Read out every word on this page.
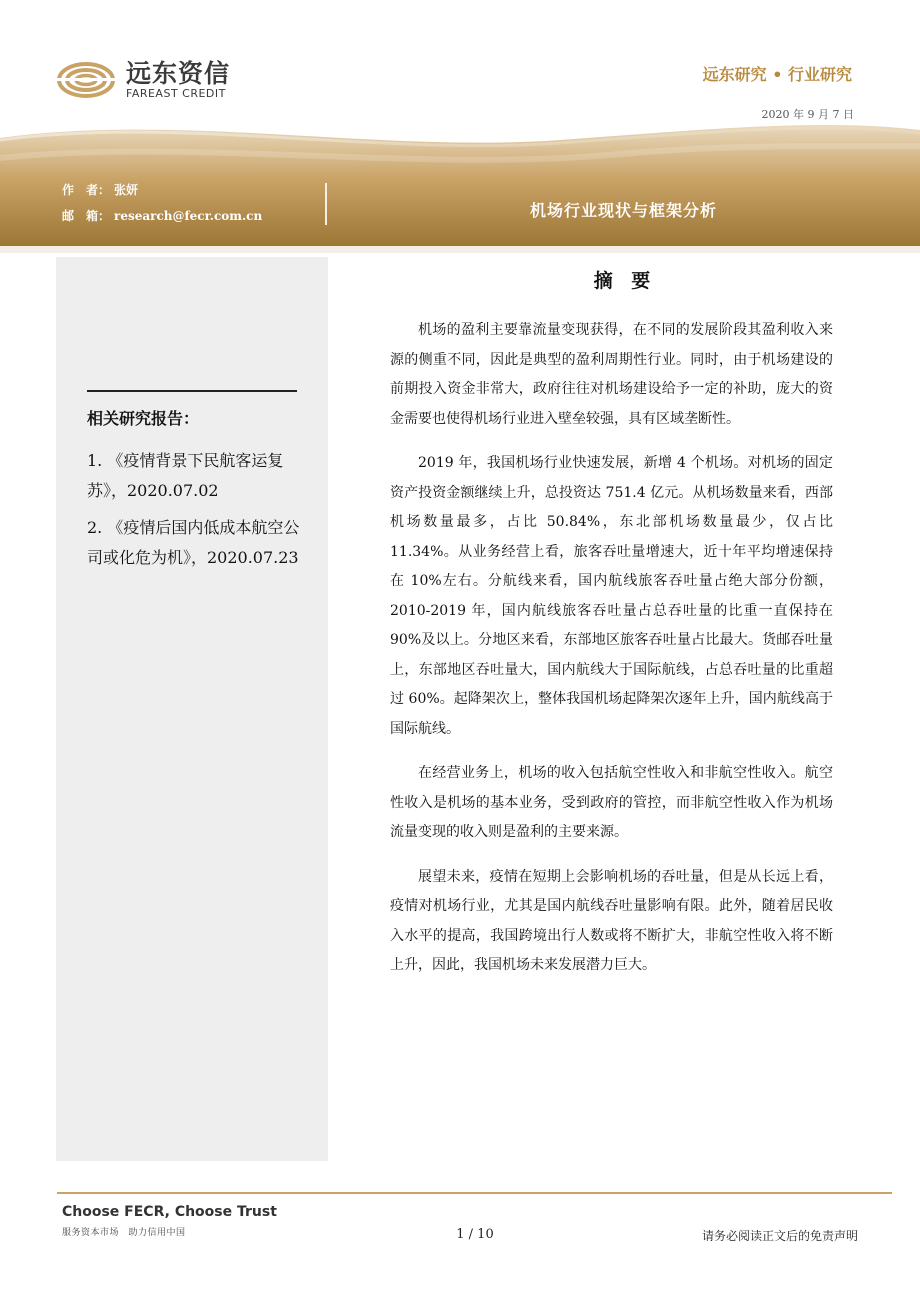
远东资信
FAREAST CREDIT
远东研究 • 行业研究
2020 年 9 月 7 日
作　者： 张妍
邮　箱： research@fecr.com.cn	机场行业现状与框架分析
相关研究报告：
1. 《疫情背景下民航客运复苏》，2020.07.02
2. 《疫情后国内低成本航空公司或化危为机》，2020.07.23
摘 要

机场的盈利主要靠流量变现获得，在不同的发展阶段其盈利收入来源的侧重不同，因此是典型的盈利周期性行业。同时，由于机场建设的前期投入资金非常大，政府往往对机场建设给予一定的补助，庞大的资金需要也使得机场行业进入壁垒较强，具有区域垄断性。

2019 年，我国机场行业快速发展，新增 4 个机场。对机场的固定资产投资金额继续上升，总投资达 751.4 亿元。从机场数量来看，西部机场数量最多，占比 50.84%，东北部机场数量最少，仅占比 11.34%。从业务经营上看，旅客吞吐量增速大，近十年平均增速保持在 10%左右。分航线来看，国内航线旅客吞吐量占绝大部分份额，2010-2019 年，国内航线旅客吞吐量占总吞吐量的比重一直保持在 90%及以上。分地区来看，东部地区旅客吞吐量占比最大。货邮吞吐量上，东部地区吞吐量大，国内航线大于国际航线，占总吞吐量的比重超过 60%。起降架次上，整体我国机场起降架次逐年上升，国内航线高于国际航线。

在经营业务上，机场的收入包括航空性收入和非航空性收入。航空性收入是机场的基本业务，受到政府的管控，而非航空性收入作为机场流量变现的收入则是盈利的主要来源。

展望未来，疫情在短期上会影响机场的吞吐量，但是从长远上看，疫情对机场行业，尤其是国内航线吞吐量影响有限。此外，随着居民收入水平的提高，我国跨境出行人数或将不断扩大，非航空性收入将不断上升，因此，我国机场未来发展潜力巨大。

Choose FECR, Choose Trust
服务资本市场　助力信用中国	1 / 10	请务必阅读正文后的免责声明
